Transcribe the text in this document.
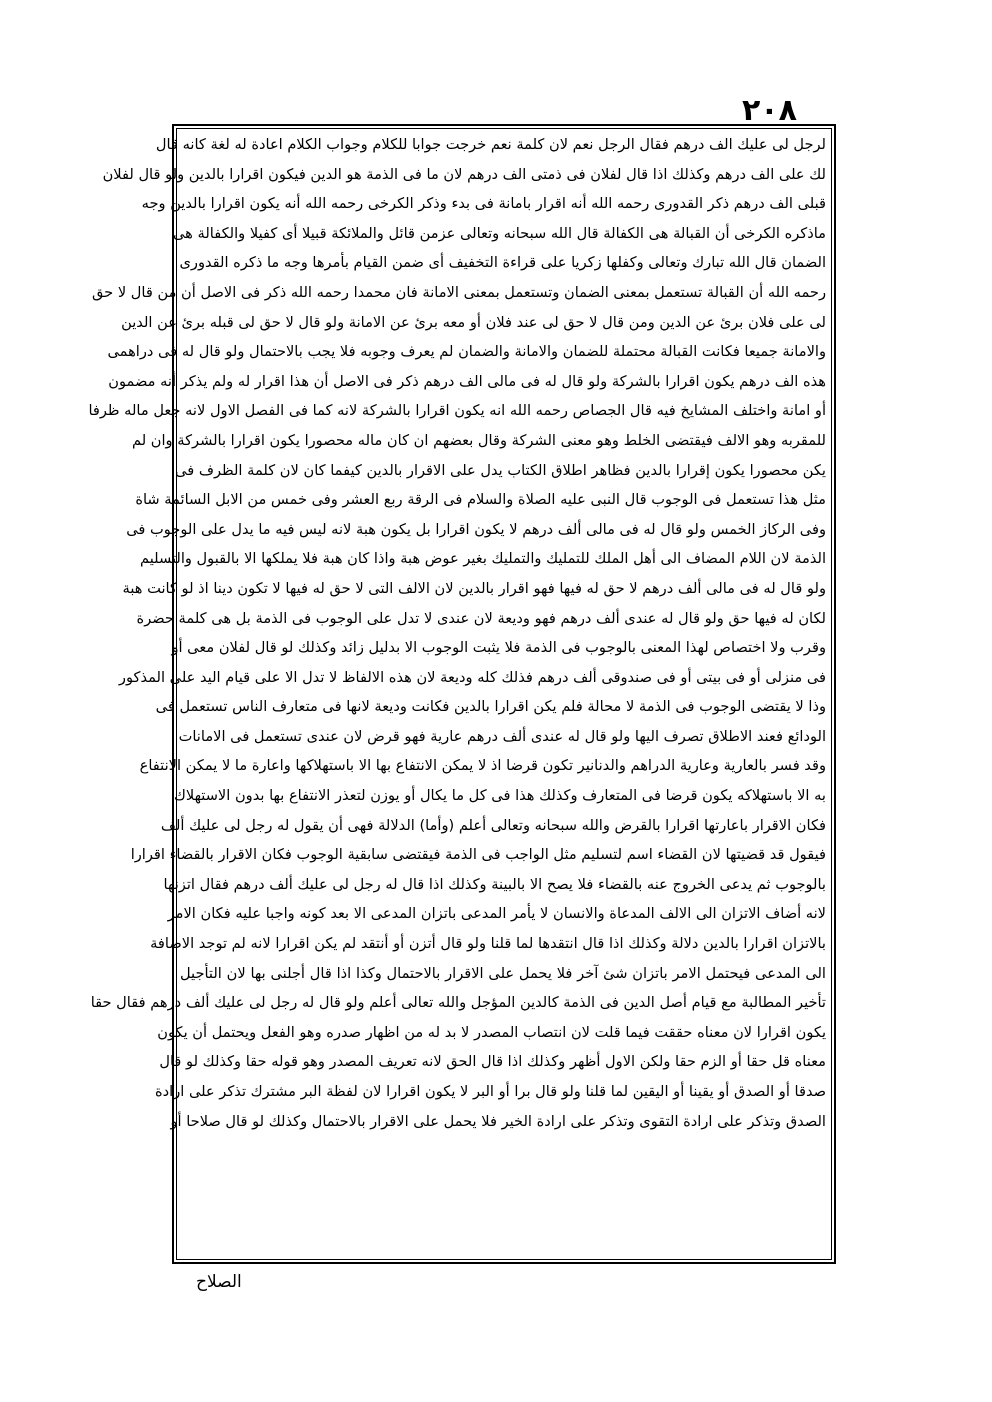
٢٠٨
لرجل لى عليك الف درهم فقال الرجل نعم لان كلمة نعم خرجت جوابا للكلام وجواب الكلام اعادة له لغة كانه قال
لك على الف درهم وكذلك اذا قال لفلان فى ذمتى الف درهم لان ما فى الذمة هو الدين فيكون اقرارا بالدين ولو قال لفلان
قبلى الف درهم ذكر القدورى رحمه الله أنه اقرار بامانة فى بدء وذكر الكرخى رحمه الله أنه يكون اقرارا بالدين وجه
ماذكره الكرخى أن القبالة هى الكفالة قال الله سبحانه وتعالى عزمن قائل والملائكة قبيلا أى كفيلا والكفالة هى
الضمان قال الله تبارك وتعالى وكفلها زكريا على قراءة التخفيف أى ضمن القيام بأمرها وجه ما ذكره القدورى
رحمه الله أن القبالة تستعمل بمعنى الضمان وتستعمل بمعنى الامانة فان محمدا رحمه الله ذكر فى الاصل أن من قال لا حق
لى على فلان برئ عن الدين ومن قال لا حق لى عند فلان أو معه برئ عن الامانة ولو قال لا حق لى قبله برئ عن الدين
والامانة جميعا فكانت القبالة محتملة للضمان والامانة والضمان لم يعرف وجوبه فلا يجب بالاحتمال ولو قال له فى دراهمى
هذه الف درهم يكون اقرارا بالشركة ولو قال له فى مالى الف درهم ذكر فى الاصل أن هذا اقرار له ولم يذكر أنه مضمون
أو امانة واختلف المشايخ فيه قال الجصاص رحمه الله انه يكون اقرارا بالشركة لانه كما فى الفصل الاول لانه جعل ماله ظرفا
للمقربه وهو الالف فيقتضى الخلط وهو معنى الشركة وقال بعضهم ان كان ماله محصورا يكون اقرارا بالشركة وان لم
يكن محصورا يكون إقرارا بالدين فظاهر اطلاق الكتاب يدل على الاقرار بالدين كيفما كان لان كلمة الظرف فى
مثل هذا تستعمل فى الوجوب قال النبى عليه الصلاة والسلام فى الرقة ربع العشر وفى خمس من الابل السائمة شاة
وفى الركاز الخمس ولو قال له فى مالى ألف درهم لا يكون اقرارا بل يكون هبة لانه ليس فيه ما يدل على الوجوب فى
الذمة لان اللام المضاف الى أهل الملك للتمليك والتمليك بغير عوض هبة واذا كان هبة فلا يملكها الا بالقبول والتسليم
ولو قال له فى مالى ألف درهم لا حق له فيها فهو اقرار بالدين لان الالف التى لا حق له فيها لا تكون دينا اذ لو كانت هبة
لكان له فيها حق ولو قال له عندى ألف درهم فهو وديعة لان عندى لا تدل على الوجوب فى الذمة بل هى كلمة حضرة
وقرب ولا اختصاص لهذا المعنى بالوجوب فى الذمة فلا يثبت الوجوب الا بدليل زائد وكذلك لو قال لفلان معى أو
فى منزلى أو فى بيتى أو فى صندوقى ألف درهم فذلك كله وديعة لان هذه الالفاظ لا تدل الا على قيام اليد على المذكور
وذا لا يقتضى الوجوب فى الذمة لا محالة فلم يكن اقرارا بالدين فكانت وديعة لانها فى متعارف الناس تستعمل فى
الودائع فعند الاطلاق تصرف اليها ولو قال له عندى ألف درهم عارية فهو قرض لان عندى تستعمل فى الامانات
وقد فسر بالعارية وعارية الدراهم والدنانير تكون قرضا اذ لا يمكن الانتفاع بها الا باستهلاكها واعارة ما لا يمكن الانتفاع
به الا باستهلاكه يكون قرضا فى المتعارف وكذلك هذا فى كل ما يكال أو يوزن لتعذر الانتفاع بها بدون الاستهلاك
فكان الاقرار باعارتها اقرارا بالقرض والله سبحانه وتعالى أعلم (وأما) الدلالة فهى أن يقول له رجل لى عليك ألف
فيقول قد قضيتها لان القضاء اسم لتسليم مثل الواجب فى الذمة فيقتضى سابقية الوجوب فكان الاقرار بالقضاء اقرارا
بالوجوب ثم يدعى الخروج عنه بالقضاء فلا يصح الا بالبينة وكذلك اذا قال له رجل لى عليك ألف درهم فقال اتزنها
لانه أضاف الاتزان الى الالف المدعاة والانسان لا يأمر المدعى باتزان المدعى الا بعد كونه واجبا عليه فكان الامر
بالاتزان اقرارا بالدين دلالة وكذلك اذا قال انتقدها لما قلنا ولو قال أتزن أو أنتقد لم يكن اقرارا لانه لم توجد الاضافة
الى المدعى فيحتمل الامر باتزان شئ آخر فلا يحمل على الاقرار بالاحتمال وكذا اذا قال أجلنى بها لان التأجيل
تأخير المطالبة مع قيام أصل الدين فى الذمة كالدين المؤجل والله تعالى أعلم ولو قال له رجل لى عليك ألف درهم فقال حقا
يكون اقرارا لان معناه حققت فيما قلت لان انتصاب المصدر لا بد له من اظهار صدره وهو الفعل ويحتمل أن يكون
معناه قل حقا أو الزم حقا ولكن الاول أظهر وكذلك اذا قال الحق لانه تعريف المصدر وهو قوله حقا وكذلك لو قال
صدقا أو الصدق أو يقينا أو اليقين لما قلنا ولو قال برا أو البر لا يكون اقرارا لان لفظة البر مشترك تذكر على ارادة
الصدق وتذكر على ارادة التقوى وتذكر على ارادة الخير فلا يحمل على الاقرار بالاحتمال وكذلك لو قال صلاحا أو
الصلاح
